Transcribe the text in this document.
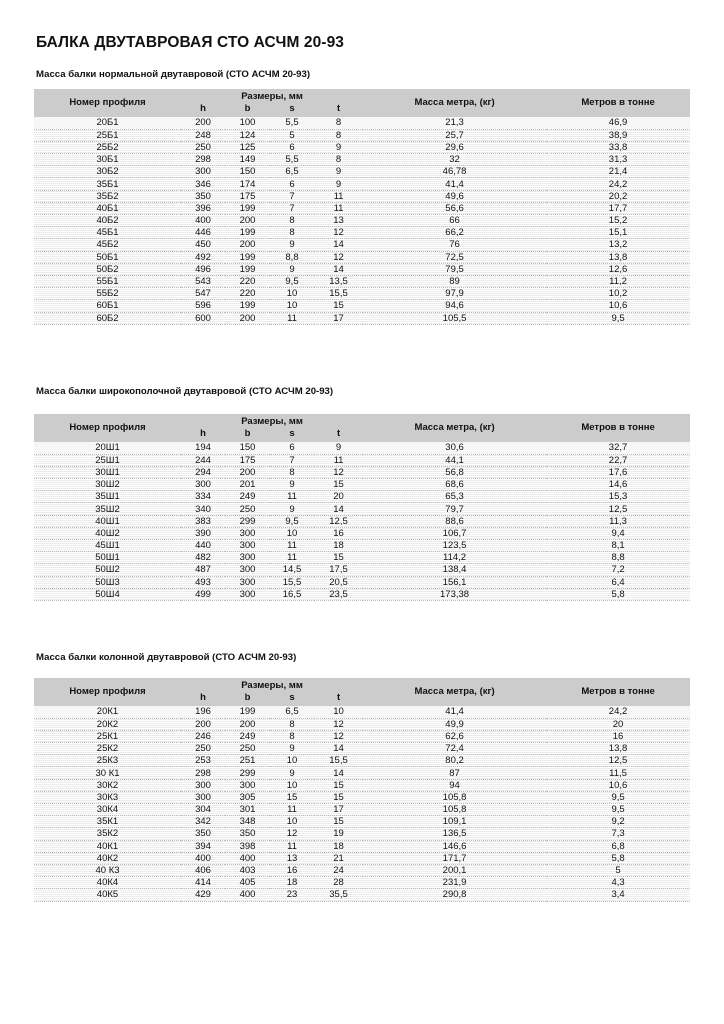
БАЛКА ДВУТАВРОВАЯ СТО АСЧМ 20-93

Масса балки нормальной двутавровой (СТО АСЧМ 20-93)

Номер профиля	Размеры, мм				Масса метра, (кг)	Метров в тонне
	h	b	s	t		
20Б1	200	100	5,5	8	21,3	46,9
25Б1	248	124	5	8	25,7	38,9
25Б2	250	125	6	9	29,6	33,8
30Б1	298	149	5,5	8	32	31,3
30Б2	300	150	6,5	9	46,78	21,4
35Б1	346	174	6	9	41,4	24,2
35Б2	350	175	7	11	49,6	20,2
40Б1	396	199	7	11	56,6	17,7
40Б2	400	200	8	13	66	15,2
45Б1	446	199	8	12	66,2	15,1
45Б2	450	200	9	14	76	13,2
50Б1	492	199	8,8	12	72,5	13,8
50Б2	496	199	9	14	79,5	12,6
55Б1	543	220	9,5	13,5	89	11,2
55Б2	547	220	10	15,5	97,9	10,2
60Б1	596	199	10	15	94,6	10,6
60Б2	600	200	11	17	105,5	9,5

Масса балки широкополочной двутавровой (СТО АСЧМ 20-93)

Номер профиля	Размеры, мм				Масса метра, (кг)	Метров в тонне
	h	b	s	t		
20Ш1	194	150	6	9	30,6	32,7
25Ш1	244	175	7	11	44,1	22,7
30Ш1	294	200	8	12	56,8	17,6
30Ш2	300	201	9	15	68,6	14,6
35Ш1	334	249	11	20	65,3	15,3
35Ш2	340	250	9	14	79,7	12,5
40Ш1	383	299	9,5	12,5	88,6	11,3
40Ш2	390	300	10	16	106,7	9,4
45Ш1	440	300	11	18	123,5	8,1
50Ш1	482	300	11	15	114,2	8,8
50Ш2	487	300	14,5	17,5	138,4	7,2
50Ш3	493	300	15,5	20,5	156,1	6,4
50Ш4	499	300	16,5	23,5	173,38	5,8

Масса балки колонной двутавровой (СТО АСЧМ 20-93)

Номер профиля	Размеры, мм				Масса метра, (кг)	Метров в тонне
	h	b	s	t		
20К1	196	199	6,5	10	41,4	24,2
20К2	200	200	8	12	49,9	20
25К1	246	249	8	12	62,6	16
25К2	250	250	9	14	72,4	13,8
25К3	253	251	10	15,5	80,2	12,5
30 К1	298	299	9	14	87	11,5
30К2	300	300	10	15	94	10,6
30К3	300	305	15	15	105,8	9,5
30К4	304	301	11	17	105,8	9,5
35К1	342	348	10	15	109,1	9,2
35К2	350	350	12	19	136,5	7,3
40К1	394	398	11	18	146,6	6,8
40К2	400	400	13	21	171,7	5,8
40 К3	406	403	16	24	200,1	5
40К4	414	405	18	28	231,9	4,3
40К5	429	400	23	35,5	290,8	3,4
